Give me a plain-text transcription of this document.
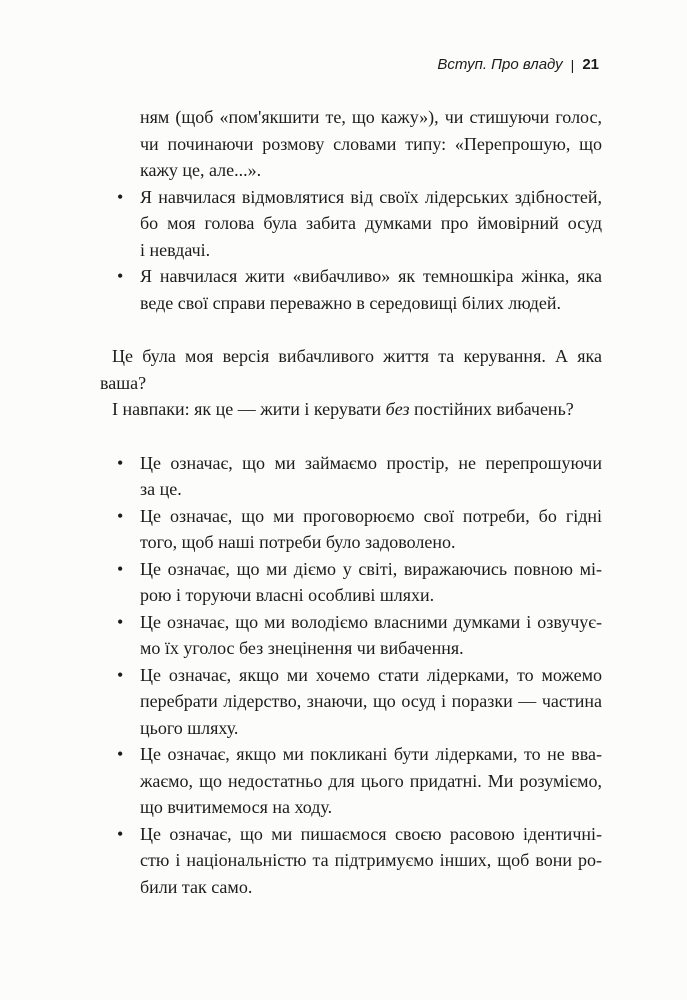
Вступ. Про владу | 21
ням (щоб «пом'якшити те, що кажу»), чи стишуючи голос,
чи починаючи розмову словами типу: «Перепрошую, що
кажу це, але...».
• Я навчилася відмовлятися від своїх лідерських здібностей,
бо моя голова була забита думками про ймовірний осуд
і невдачі.
• Я навчилася жити «вибачливо» як темношкіра жінка, яка
веде свої справи переважно в середовищі білих людей.
Це була моя версія вибачливого життя та керування. А яка
ваша?
І навпаки: як це — жити і керувати без постійних вибачень?
• Це означає, що ми займаємо простір, не перепрошуючи
за це.
• Це означає, що ми проговорюємо свої потреби, бо гідні
того, щоб наші потреби було задоволено.
• Це означає, що ми діємо у світі, виражаючись повною мі-
рою і торуючи власні особливі шляхи.
• Це означає, що ми володіємо власними думками і озвучує-
мо їх уголос без знецінення чи вибачення.
• Це означає, якщо ми хочемо стати лідерками, то можемо
перебрати лідерство, знаючи, що осуд і поразки — частина
цього шляху.
• Це означає, якщо ми покликані бути лідерками, то не вва-
жаємо, що недостатньо для цього придатні. Ми розуміємо,
що вчитимемося на ходу.
• Це означає, що ми пишаємося своєю расовою ідентичні-
стю і національністю та підтримуємо інших, щоб вони ро-
били так само.
